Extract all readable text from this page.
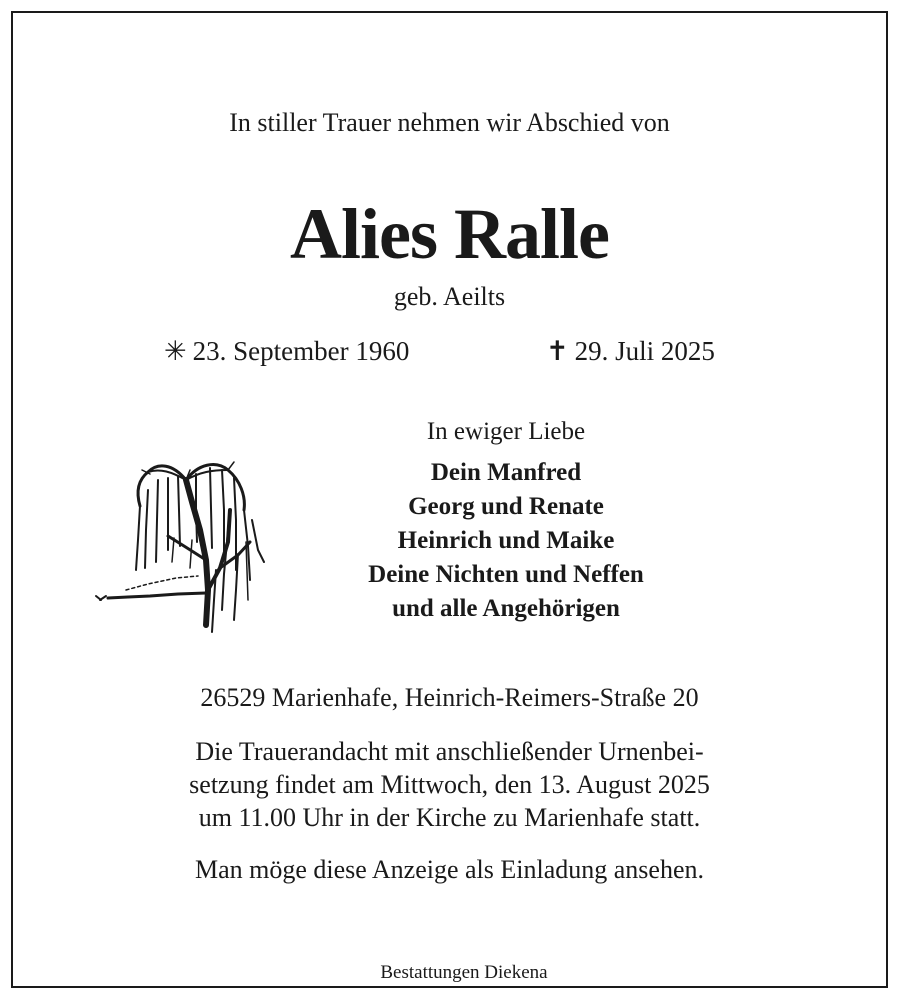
In stiller Trauer nehmen wir Abschied von
Alies Ralle
geb. Aeilts
✳ 23. September 1960	✝ 29. Juli 2025
In ewiger Liebe
Dein Manfred
Georg und Renate
Heinrich und Maike
Deine Nichten und Neffen
und alle Angehörigen
26529 Marienhafe, Heinrich-Reimers-Straße 20
Die Trauerandacht mit anschließender Urnenbei-
setzung findet am Mittwoch, den 13. August 2025
um 11.00 Uhr in der Kirche zu Marienhafe statt.
Man möge diese Anzeige als Einladung ansehen.
Bestattungen Diekena
